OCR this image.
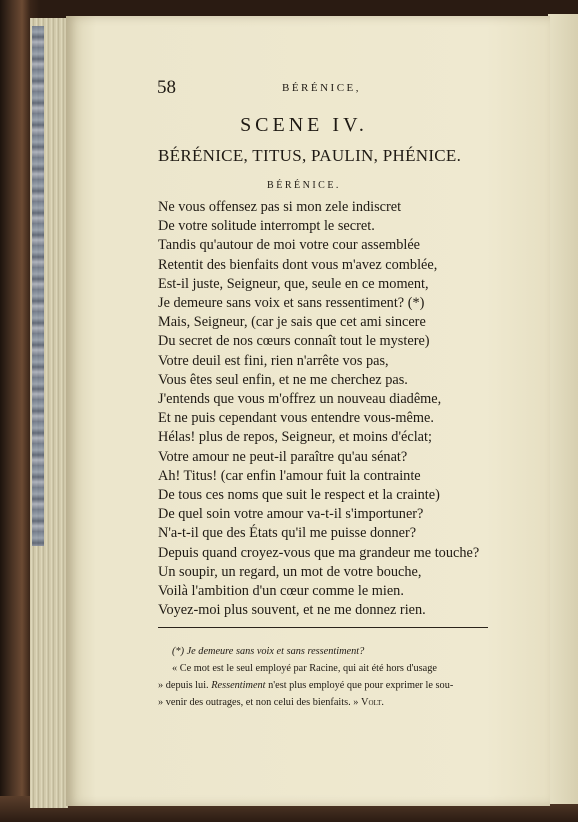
58	BÉRÉNICE,
SCENE IV.
BÉRÉNICE, TITUS, PAULIN, PHÉNICE.
BÉRÉNICE.
Ne vous offensez pas si mon zele indiscret
De votre solitude interrompt le secret.
Tandis qu'autour de moi votre cour assemblée
Retentit des bienfaits dont vous m'avez comblée,
Est-il juste, Seigneur, que, seule en ce moment,
Je demeure sans voix et sans ressentiment? (*)
Mais, Seigneur, (car je sais que cet ami sincere
Du secret de nos cœurs connaît tout le mystere)
Votre deuil est fini, rien n'arrête vos pas,
Vous êtes seul enfin, et ne me cherchez pas.
J'entends que vous m'offrez un nouveau diadême,
Et ne puis cependant vous entendre vous-même.
Hélas! plus de repos, Seigneur, et moins d'éclat;
Votre amour ne peut-il paraître qu'au sénat?
Ah! Titus! (car enfin l'amour fuit la contrainte
De tous ces noms que suit le respect et la crainte)
De quel soin votre amour va-t-il s'importuner?
N'a-t-il que des États qu'il me puisse donner?
Depuis quand croyez-vous que ma grandeur me touche?
Un soupir, un regard, un mot de votre bouche,
Voilà l'ambition d'un cœur comme le mien.
Voyez-moi plus souvent, et ne me donnez rien.
(*) Je demeure sans voix et sans ressentiment?
« Ce mot est le seul employé par Racine, qui ait été hors d'usage
» depuis lui. Ressentiment n'est plus employé que pour exprimer le sou-
» venir des outrages, et non celui des bienfaits. » Volt.
